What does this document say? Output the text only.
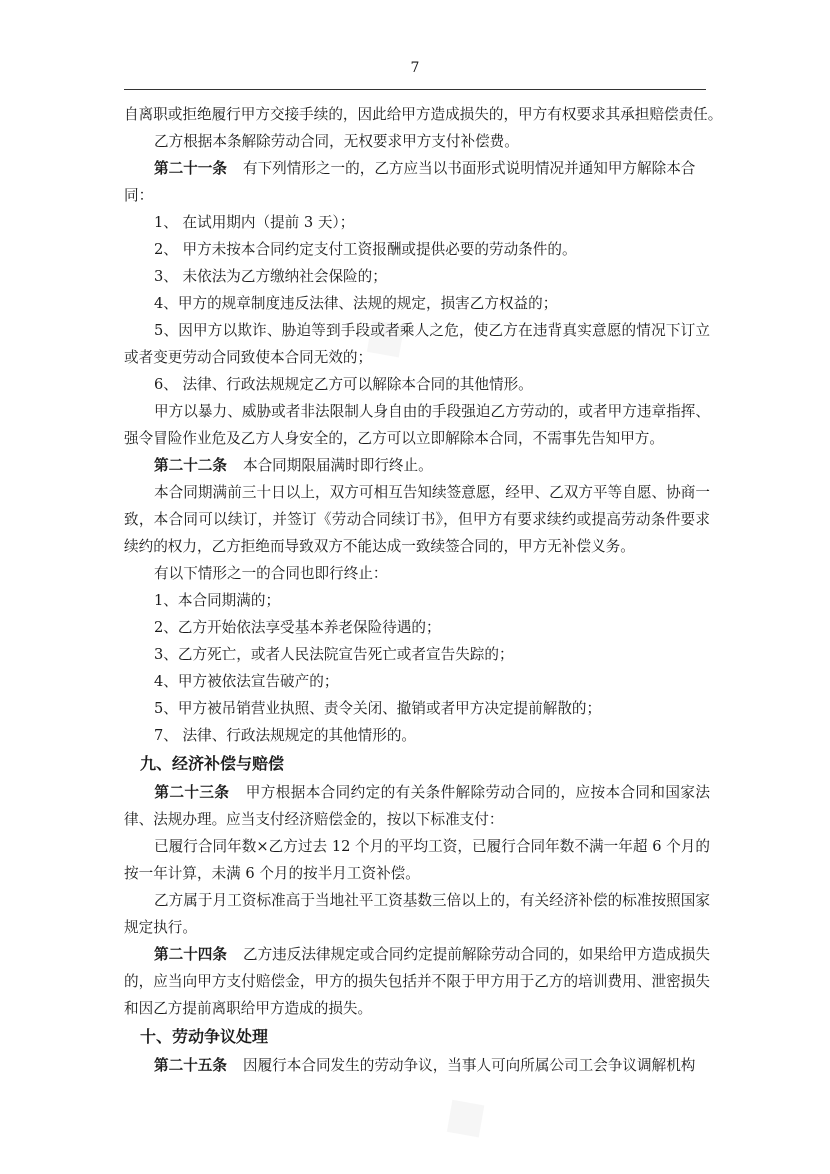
7

自离职或拒绝履行甲方交接手续的，因此给甲方造成损失的，甲方有权要求其承担赔偿责任。

乙方根据本条解除劳动合同，无权要求甲方支付补偿费。

第二十一条 有下列情形之一的，乙方应当以书面形式说明情况并通知甲方解除本合

同：

1、 在试用期内（提前 3 天）；

2、 甲方未按本合同约定支付工资报酬或提供必要的劳动条件的。

3、 未依法为乙方缴纳社会保险的；

4、甲方的规章制度违反法律、法规的规定，损害乙方权益的；

5、因甲方以欺诈、胁迫等到手段或者乘人之危，使乙方在违背真实意愿的情况下订立或者变更劳动合同致使本合同无效的；

6、 法律、行政法规规定乙方可以解除本合同的其他情形。

甲方以暴力、威胁或者非法限制人身自由的手段强迫乙方劳动的，或者甲方违章指挥、强令冒险作业危及乙方人身安全的，乙方可以立即解除本合同，不需事先告知甲方。

第二十二条 本合同期限届满时即行终止。

本合同期满前三十日以上，双方可相互告知续签意愿，经甲、乙双方平等自愿、协商一致，本合同可以续订，并签订《劳动合同续订书》，但甲方有要求续约或提高劳动条件要求续约的权力，乙方拒绝而导致双方不能达成一致续签合同的，甲方无补偿义务。

有以下情形之一的合同也即行终止：

1、本合同期满的；

2、乙方开始依法享受基本养老保险待遇的；

3、乙方死亡，或者人民法院宣告死亡或者宣告失踪的；

4、甲方被依法宣告破产的；

5、甲方被吊销营业执照、责令关闭、撤销或者甲方决定提前解散的；

7、 法律、行政法规规定的其他情形的。

九、经济补偿与赔偿

第二十三条 甲方根据本合同约定的有关条件解除劳动合同的，应按本合同和国家法律、法规办理。应当支付经济赔偿金的，按以下标准支付：

已履行合同年数×乙方过去 12 个月的平均工资，已履行合同年数不满一年超 6 个月的按一年计算，未满 6 个月的按半月工资补偿。

乙方属于月工资标准高于当地社平工资基数三倍以上的，有关经济补偿的标准按照国家规定执行。

第二十四条 乙方违反法律规定或合同约定提前解除劳动合同的，如果给甲方造成损失的，应当向甲方支付赔偿金，甲方的损失包括并不限于甲方用于乙方的培训费用、泄密损失和因乙方提前离职给甲方造成的损失。

十、劳动争议处理

第二十五条 因履行本合同发生的劳动争议，当事人可向所属公司工会争议调解机构
